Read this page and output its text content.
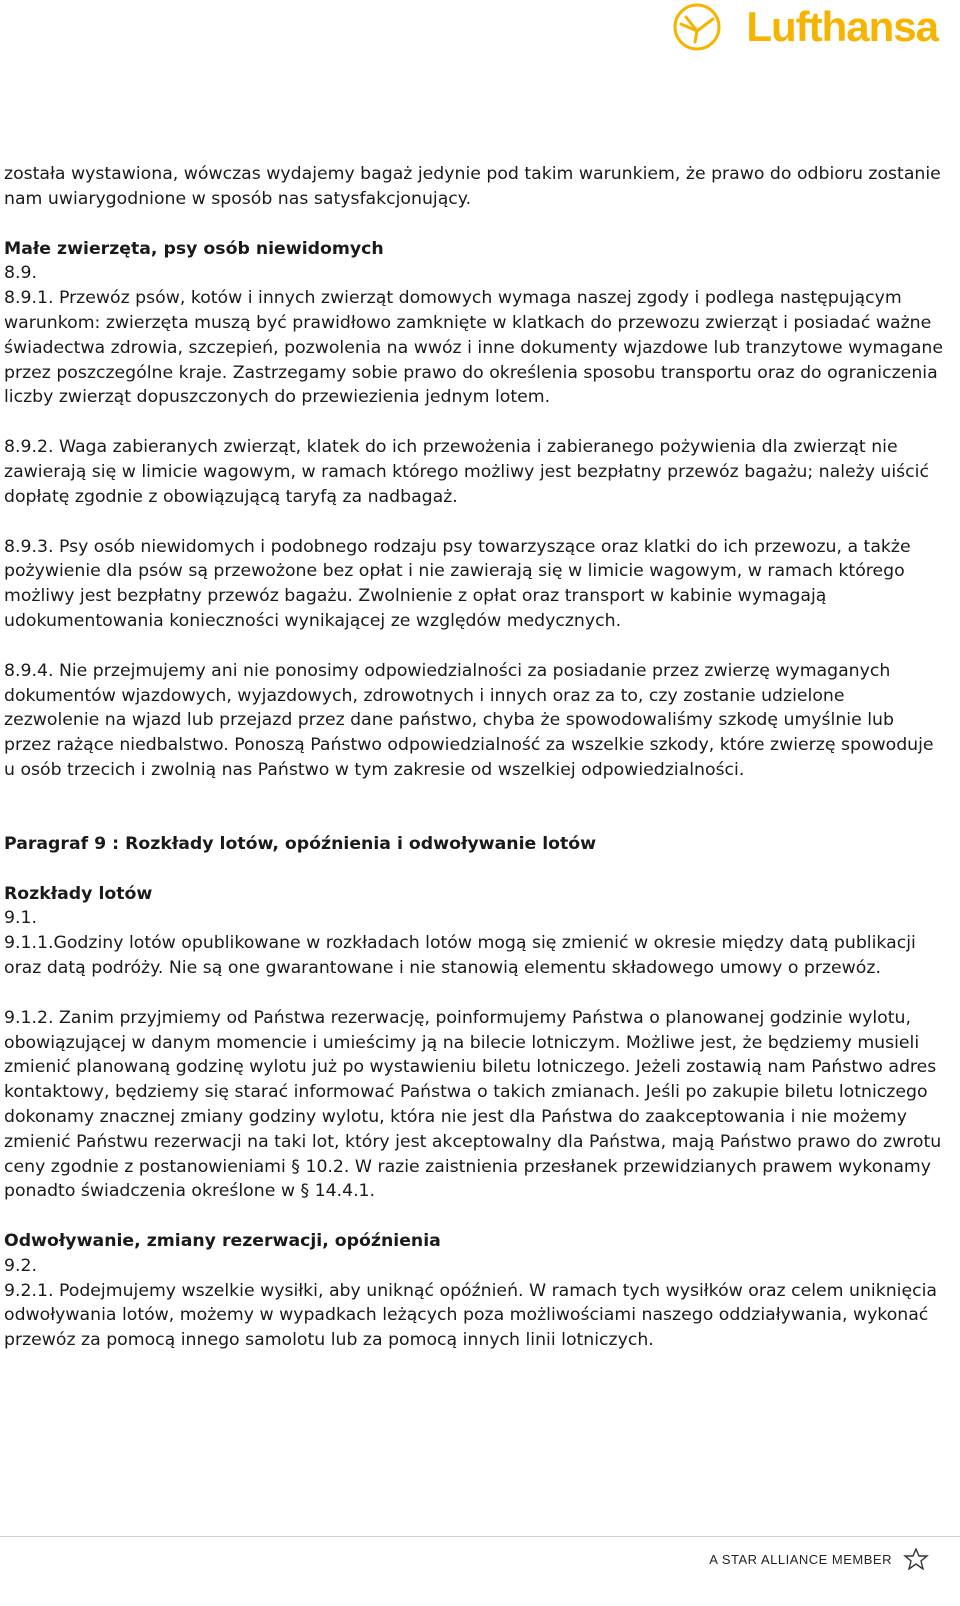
Lufthansa

została wystawiona, wówczas wydajemy bagaż jedynie pod takim warunkiem, że prawo do odbioru zostanie nam uwiarygodnione w sposób nas satysfakcjonujący.

Małe zwierzęta, psy osób niewidomych

8.9.

8.9.1. Przewóz psów, kotów i innych zwierząt domowych wymaga naszej zgody i podlega następującym warunkom: zwierzęta muszą być prawidłowo zamknięte w klatkach do przewozu zwierząt i posiadać ważne świadectwa zdrowia, szczepień, pozwolenia na wwóz i inne dokumenty wjazdowe lub tranzytowe wymagane przez poszczególne kraje. Zastrzegamy sobie prawo do określenia sposobu transportu oraz do ograniczenia liczby zwierząt dopuszczonych do przewiezienia jednym lotem.

8.9.2. Waga zabieranych zwierząt, klatek do ich przewożenia i zabieranego pożywienia dla zwierząt nie zawierają się w limicie wagowym, w ramach którego możliwy jest bezpłatny przewóz bagażu; należy uiścić dopłatę zgodnie z obowiązującą taryfą za nadbagaż.

8.9.3. Psy osób niewidomych i podobnego rodzaju psy towarzyszące oraz klatki do ich przewozu, a także pożywienie dla psów są przewożone bez opłat i nie zawierają się w limicie wagowym, w ramach którego możliwy jest bezpłatny przewóz bagażu. Zwolnienie z opłat oraz transport w kabinie wymagają udokumentowania konieczności wynikającej ze względów medycznych.

8.9.4. Nie przejmujemy ani nie ponosimy odpowiedzialności za posiadanie przez zwierzę wymaganych dokumentów wjazdowych, wyjazdowych, zdrowotnych i innych oraz za to, czy zostanie udzielone zezwolenie na wjazd lub przejazd przez dane państwo, chyba że spowodowaliśmy szkodę umyślnie lub przez rażące niedbalstwo. Ponoszą Państwo odpowiedzialność za wszelkie szkody, które zwierzę spowoduje u osób trzecich i zwolnią nas Państwo w tym zakresie od wszelkiej odpowiedzialności.

Paragraf 9 : Rozkłady lotów, opóźnienia i odwoływanie lotów

Rozkłady lotów

9.1.

9.1.1.Godziny lotów opublikowane w rozkładach lotów mogą się zmienić w okresie między datą publikacji oraz datą podróży. Nie są one gwarantowane i nie stanowią elementu składowego umowy o przewóz.

9.1.2. Zanim przyjmiemy od Państwa rezerwację, poinformujemy Państwa o planowanej godzinie wylotu, obowiązującej w danym momencie i umieścimy ją na bilecie lotniczym. Możliwe jest, że będziemy musieli zmienić planowaną godzinę wylotu już po wystawieniu biletu lotniczego. Jeżeli zostawią nam Państwo adres kontaktowy, będziemy się starać informować Państwa o takich zmianach. Jeśli po zakupie biletu lotniczego dokonamy znacznej zmiany godziny wylotu, która nie jest dla Państwa do zaakceptowania i nie możemy zmienić Państwu rezerwacji na taki lot, który jest akceptowalny dla Państwa, mają Państwo prawo do zwrotu ceny zgodnie z postanowieniami § 10.2. W razie zaistnienia przesłanek przewidzianych prawem wykonamy ponadto świadczenia określone w § 14.4.1.

Odwoływanie, zmiany rezerwacji, opóźnienia

9.2.

9.2.1. Podejmujemy wszelkie wysiłki, aby uniknąć opóźnień. W ramach tych wysiłków oraz celem uniknięcia odwoływania lotów, możemy w wypadkach leżących poza możliwościami naszego oddziaływania, wykonać przewóz za pomocą innego samolotu lub za pomocą innych linii lotniczych.

A STAR ALLIANCE MEMBER
